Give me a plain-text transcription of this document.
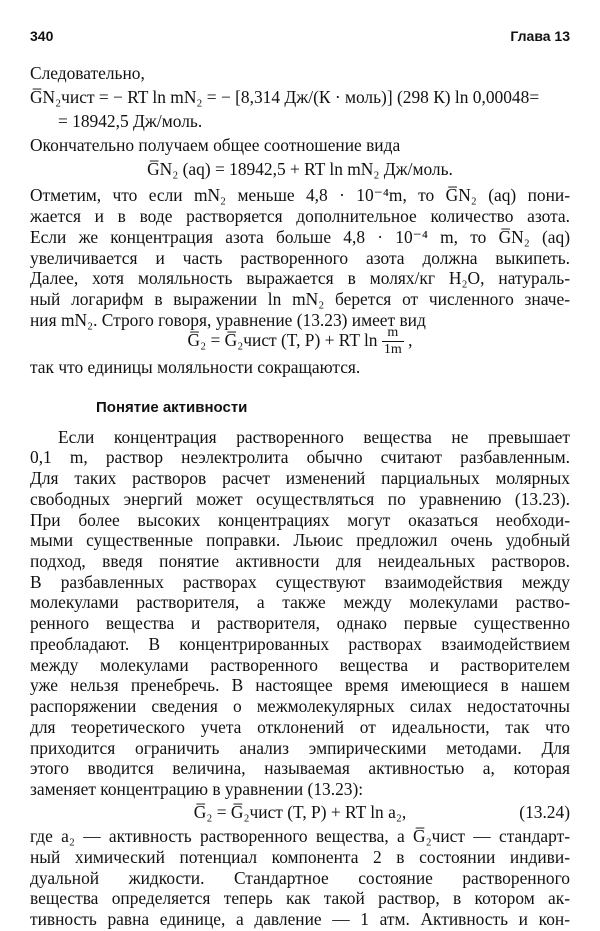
340	Глава 13
Следовательно,
G̅N₂чист = − RT ln mN₂ = − [8,314 Дж/(К · моль)] (298 К) ln 0,00048=
= 18942,5 Дж/моль.
Окончательно получаем общее соотношение вида
G̅N₂ (aq) = 18942,5 + RT ln mN₂ Дж/моль.
Отметим, что если mN₂ меньше 4,8 · 10⁻⁴m, то G̅N₂ (aq) пони-
жается и в воде растворяется дополнительное количество азота.
Если же концентрация азота больше 4,8 · 10⁻⁴ m, то G̅N₂ (aq)
увеличивается и часть растворенного азота должна выкипеть.
Далее, хотя моляльность выражается в молях/кг H₂O, натураль-
ный логарифм в выражении ln mN₂ берется от численного значе-
ния mN₂. Строго говоря, уравнение (13.23) имеет вид
G̅₂ = G̅₂чист (T, P) + RT $\ln \frac{m}{1m}$ ,
так что единицы моляльности сокращаются.
Понятие активности
Если концентрация растворенного вещества не превышает
0,1 m, раствор неэлектролита обычно считают разбавленным.
Для таких растворов расчет изменений парциальных молярных
свободных энергий может осуществляться по уравнению (13.23).
При более высоких концентрациях могут оказаться необходи-
мыми существенные поправки. Льюис предложил очень удобный
подход, введя понятие активности для неидеальных растворов.
В разбавленных растворах существуют взаимодействия между
молекулами растворителя, а также между молекулами раство-
ренного вещества и растворителя, однако первые существенно
преобладают. В концентрированных растворах взаимодействием
между молекулами растворенного вещества и растворителем
уже нельзя пренебречь. В настоящее время имеющиеся в нашем
распоряжении сведения о межмолекулярных силах недостаточны
для теоретического учета отклонений от идеальности, так что
приходится ограничить анализ эмпирическими методами. Для
этого вводится величина, называемая активностью a, которая
заменяет концентрацию в уравнении (13.23):
G̅₂ = G̅₂чист (T, P) + RT ln a₂,	(13.24)
где a₂ — активность растворенного вещества, а G̅₂чист — стандарт-
ный химический потенциал компонента 2 в состоянии индиви-
дуальной жидкости. Стандартное состояние растворенного
вещества определяется теперь как такой раствор, в котором ак-
тивность равна единице, а давление — 1 атм. Активность и кон-
